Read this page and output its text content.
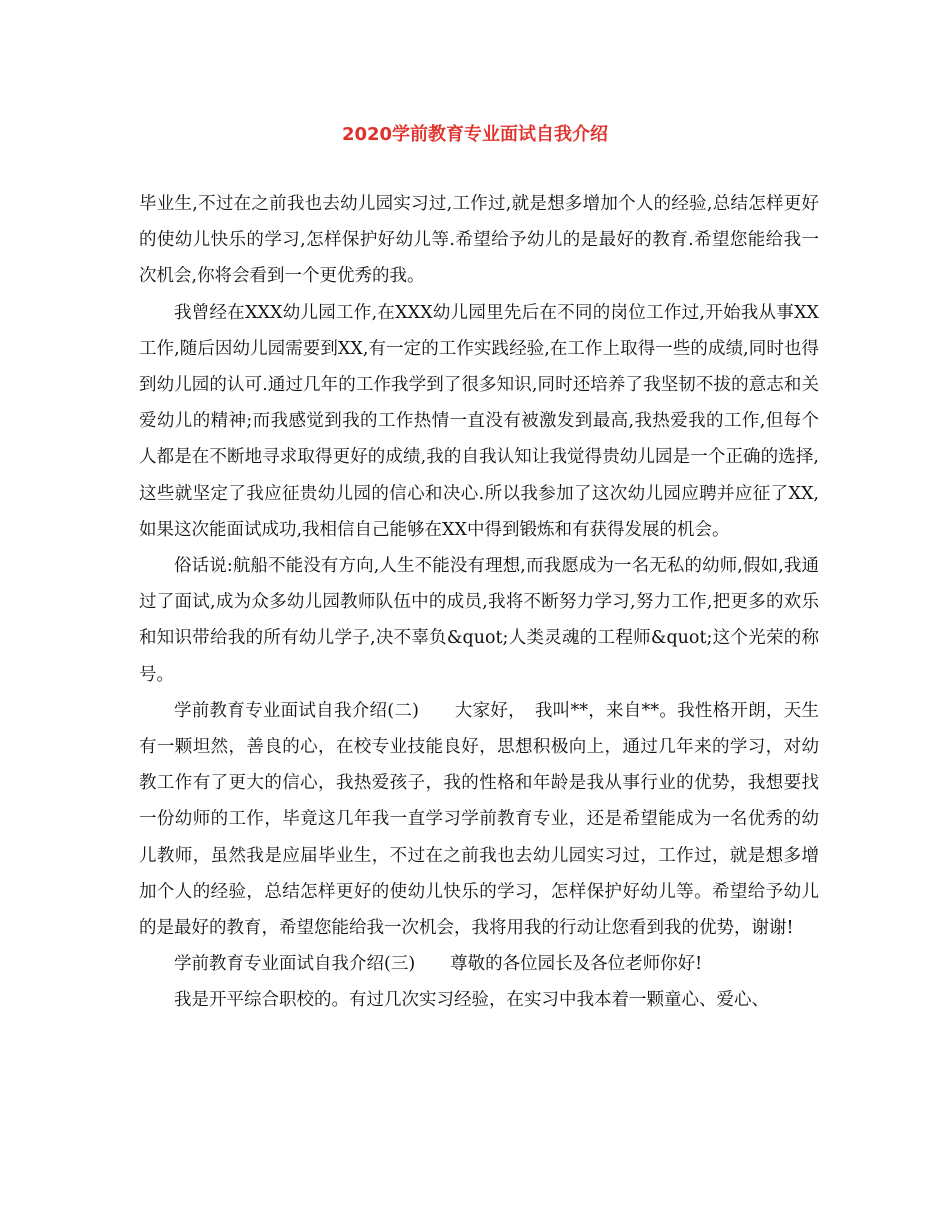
2020学前教育专业面试自我介绍

毕业生,不过在之前我也去幼儿园实习过,工作过,就是想多增加个人的经验,总结怎样更好的使幼儿快乐的学习,怎样保护好幼儿等.希望给予幼儿的是最好的教育.希望您能给我一次机会,你将会看到一个更优秀的我。

我曾经在XXX幼儿园工作,在XXX幼儿园里先后在不同的岗位工作过,开始我从事XX工作,随后因幼儿园需要到XX,有一定的工作实践经验,在工作上取得一些的成绩,同时也得到幼儿园的认可.通过几年的工作我学到了很多知识,同时还培养了我坚韧不拔的意志和关爱幼儿的精神;而我感觉到我的工作热情一直没有被激发到最高,我热爱我的工作,但每个人都是在不断地寻求取得更好的成绩,我的自我认知让我觉得贵幼儿园是一个正确的选择,这些就坚定了我应征贵幼儿园的信心和决心.所以我参加了这次幼儿园应聘并应征了XX,如果这次能面试成功,我相信自己能够在XX中得到锻炼和有获得发展的机会。

俗话说:航船不能没有方向,人生不能没有理想,而我愿成为一名无私的幼师,假如,我通过了面试,成为众多幼儿园教师队伍中的成员,我将不断努力学习,努力工作,把更多的欢乐和知识带给我的所有幼儿学子,决不辜负&quot;人类灵魂的工程师&quot;这个光荣的称号。

学前教育专业面试自我介绍(二)　　大家好，　我叫**，来自**。我性格开朗，天生有一颗坦然，善良的心，在校专业技能良好，思想积极向上，通过几年来的学习，对幼教工作有了更大的信心，我热爱孩子，我的性格和年龄是我从事行业的优势，我想要找一份幼师的工作，毕竟这几年我一直学习学前教育专业，还是希望能成为一名优秀的幼儿教师，虽然我是应届毕业生，不过在之前我也去幼儿园实习过，工作过，就是想多增加个人的经验，总结怎样更好的使幼儿快乐的学习，怎样保护好幼儿等。希望给予幼儿的是最好的教育，希望您能给我一次机会，我将用我的行动让您看到我的优势，谢谢!

学前教育专业面试自我介绍(三)　　尊敬的各位园长及各位老师你好!

我是开平综合职校的。有过几次实习经验，在实习中我本着一颗童心、爱心、
